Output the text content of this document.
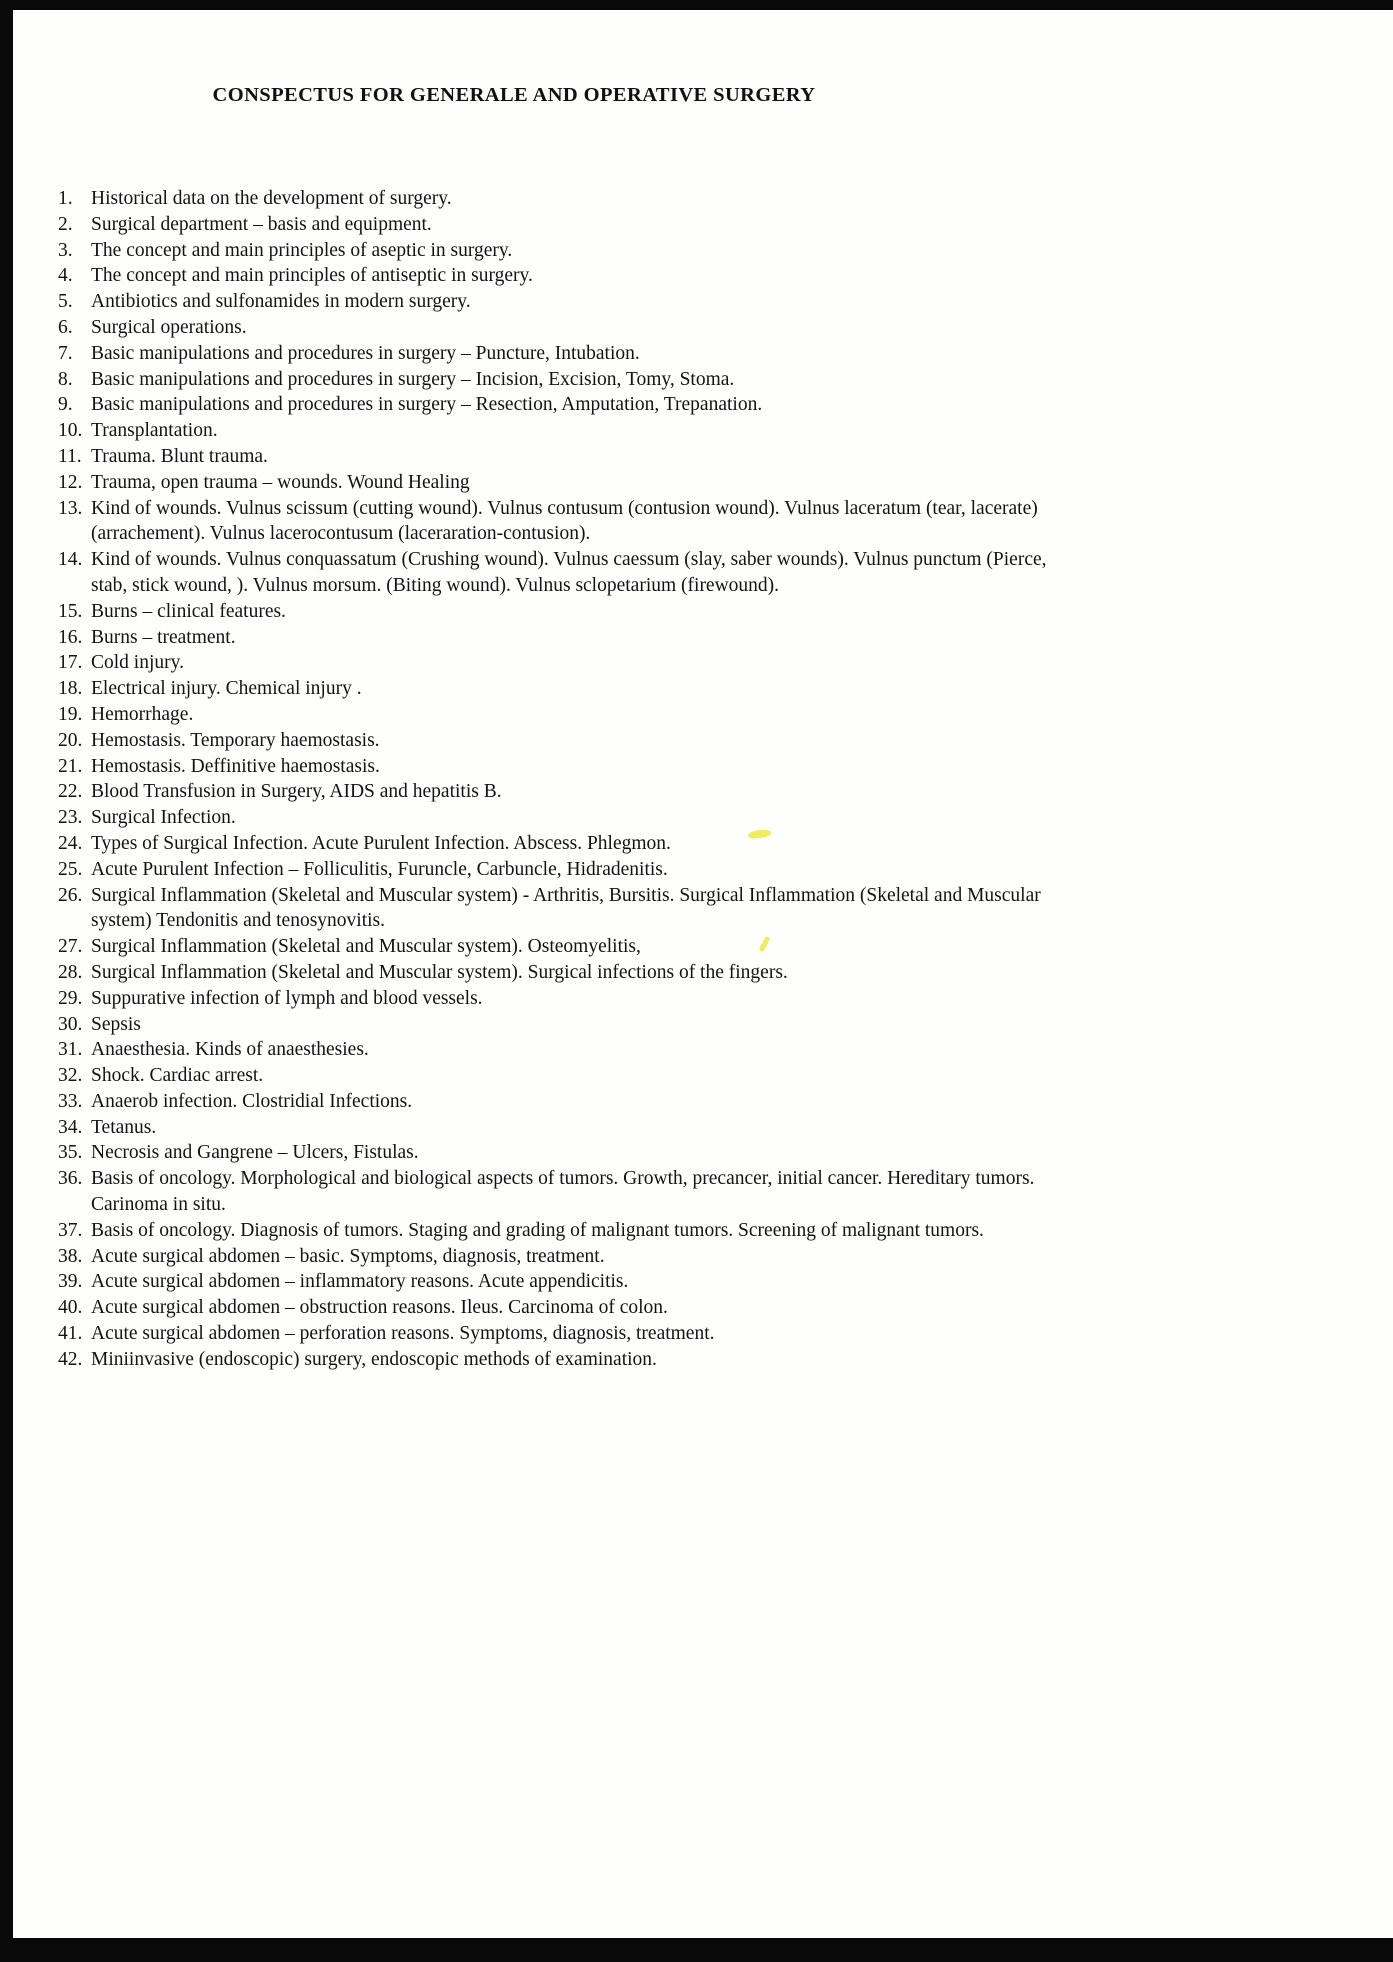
CONSPECTUS FOR GENERALE AND OPERATIVE SURGERY
1. Historical data on the development of surgery.
2. Surgical department – basis and equipment.
3. The concept and main principles of aseptic in surgery.
4. The concept and main principles of antiseptic in surgery.
5. Antibiotics and sulfonamides in modern surgery.
6. Surgical operations.
7. Basic manipulations and procedures in surgery – Puncture, Intubation.
8. Basic manipulations and procedures in surgery – Incision, Excision, Tomy, Stoma.
9. Basic manipulations and procedures in surgery – Resection, Amputation, Trepanation.
10. Transplantation.
11. Trauma. Blunt trauma.
12. Trauma, open trauma – wounds. Wound Healing
13. Kind of wounds. Vulnus scissum (cutting wound). Vulnus contusum (contusion wound). Vulnus laceratum (tear, lacerate)(arrachement). Vulnus lacerocontusum (laceraration-contusion).
14. Kind of wounds. Vulnus conquassatum (Crushing wound). Vulnus caessum (slay, saber wounds). Vulnus punctum (Pierce, stab, stick wound, ). Vulnus morsum. (Biting wound). Vulnus sclopetarium (firewound).
15. Burns – clinical features.
16. Burns – treatment.
17. Cold injury.
18. Electrical injury. Chemical injury .
19. Hemorrhage.
20. Hemostasis. Temporary haemostasis.
21. Hemostasis. Deffinitive haemostasis.
22. Blood Transfusion in Surgery, AIDS and hepatitis B.
23. Surgical Infection.
24. Types of Surgical Infection. Acute Purulent Infection. Abscess. Phlegmon.
25. Acute Purulent Infection – Folliculitis, Furuncle, Carbuncle, Hidradenitis.
26. Surgical Inflammation (Skeletal and Muscular system) - Arthritis, Bursitis. Surgical Inflammation (Skeletal and Muscular system) Tendonitis and tenosynovitis.
27. Surgical Inflammation (Skeletal and Muscular system). Osteomyelitis,
28. Surgical Inflammation (Skeletal and Muscular system). Surgical infections of the fingers.
29. Suppurative infection of lymph and blood vessels.
30. Sepsis
31. Anaesthesia. Kinds of anaesthesies.
32. Shock. Cardiac arrest.
33. Anaerob infection. Clostridial Infections.
34. Tetanus.
35. Necrosis and Gangrene – Ulcers, Fistulas.
36. Basis of oncology. Morphological and biological aspects of tumors. Growth, precancer, initial cancer. Hereditary tumors. Carinoma in situ.
37. Basis of oncology. Diagnosis of tumors. Staging and grading of malignant tumors. Screening of malignant tumors.
38. Acute surgical abdomen – basic. Symptoms, diagnosis, treatment.
39. Acute surgical abdomen – inflammatory reasons. Acute appendicitis.
40. Acute surgical abdomen – obstruction reasons. Ileus. Carcinoma of colon.
41. Acute surgical abdomen – perforation reasons. Symptoms, diagnosis, treatment.
42. Miniinvasive (endoscopic) surgery, endoscopic methods of examination.
